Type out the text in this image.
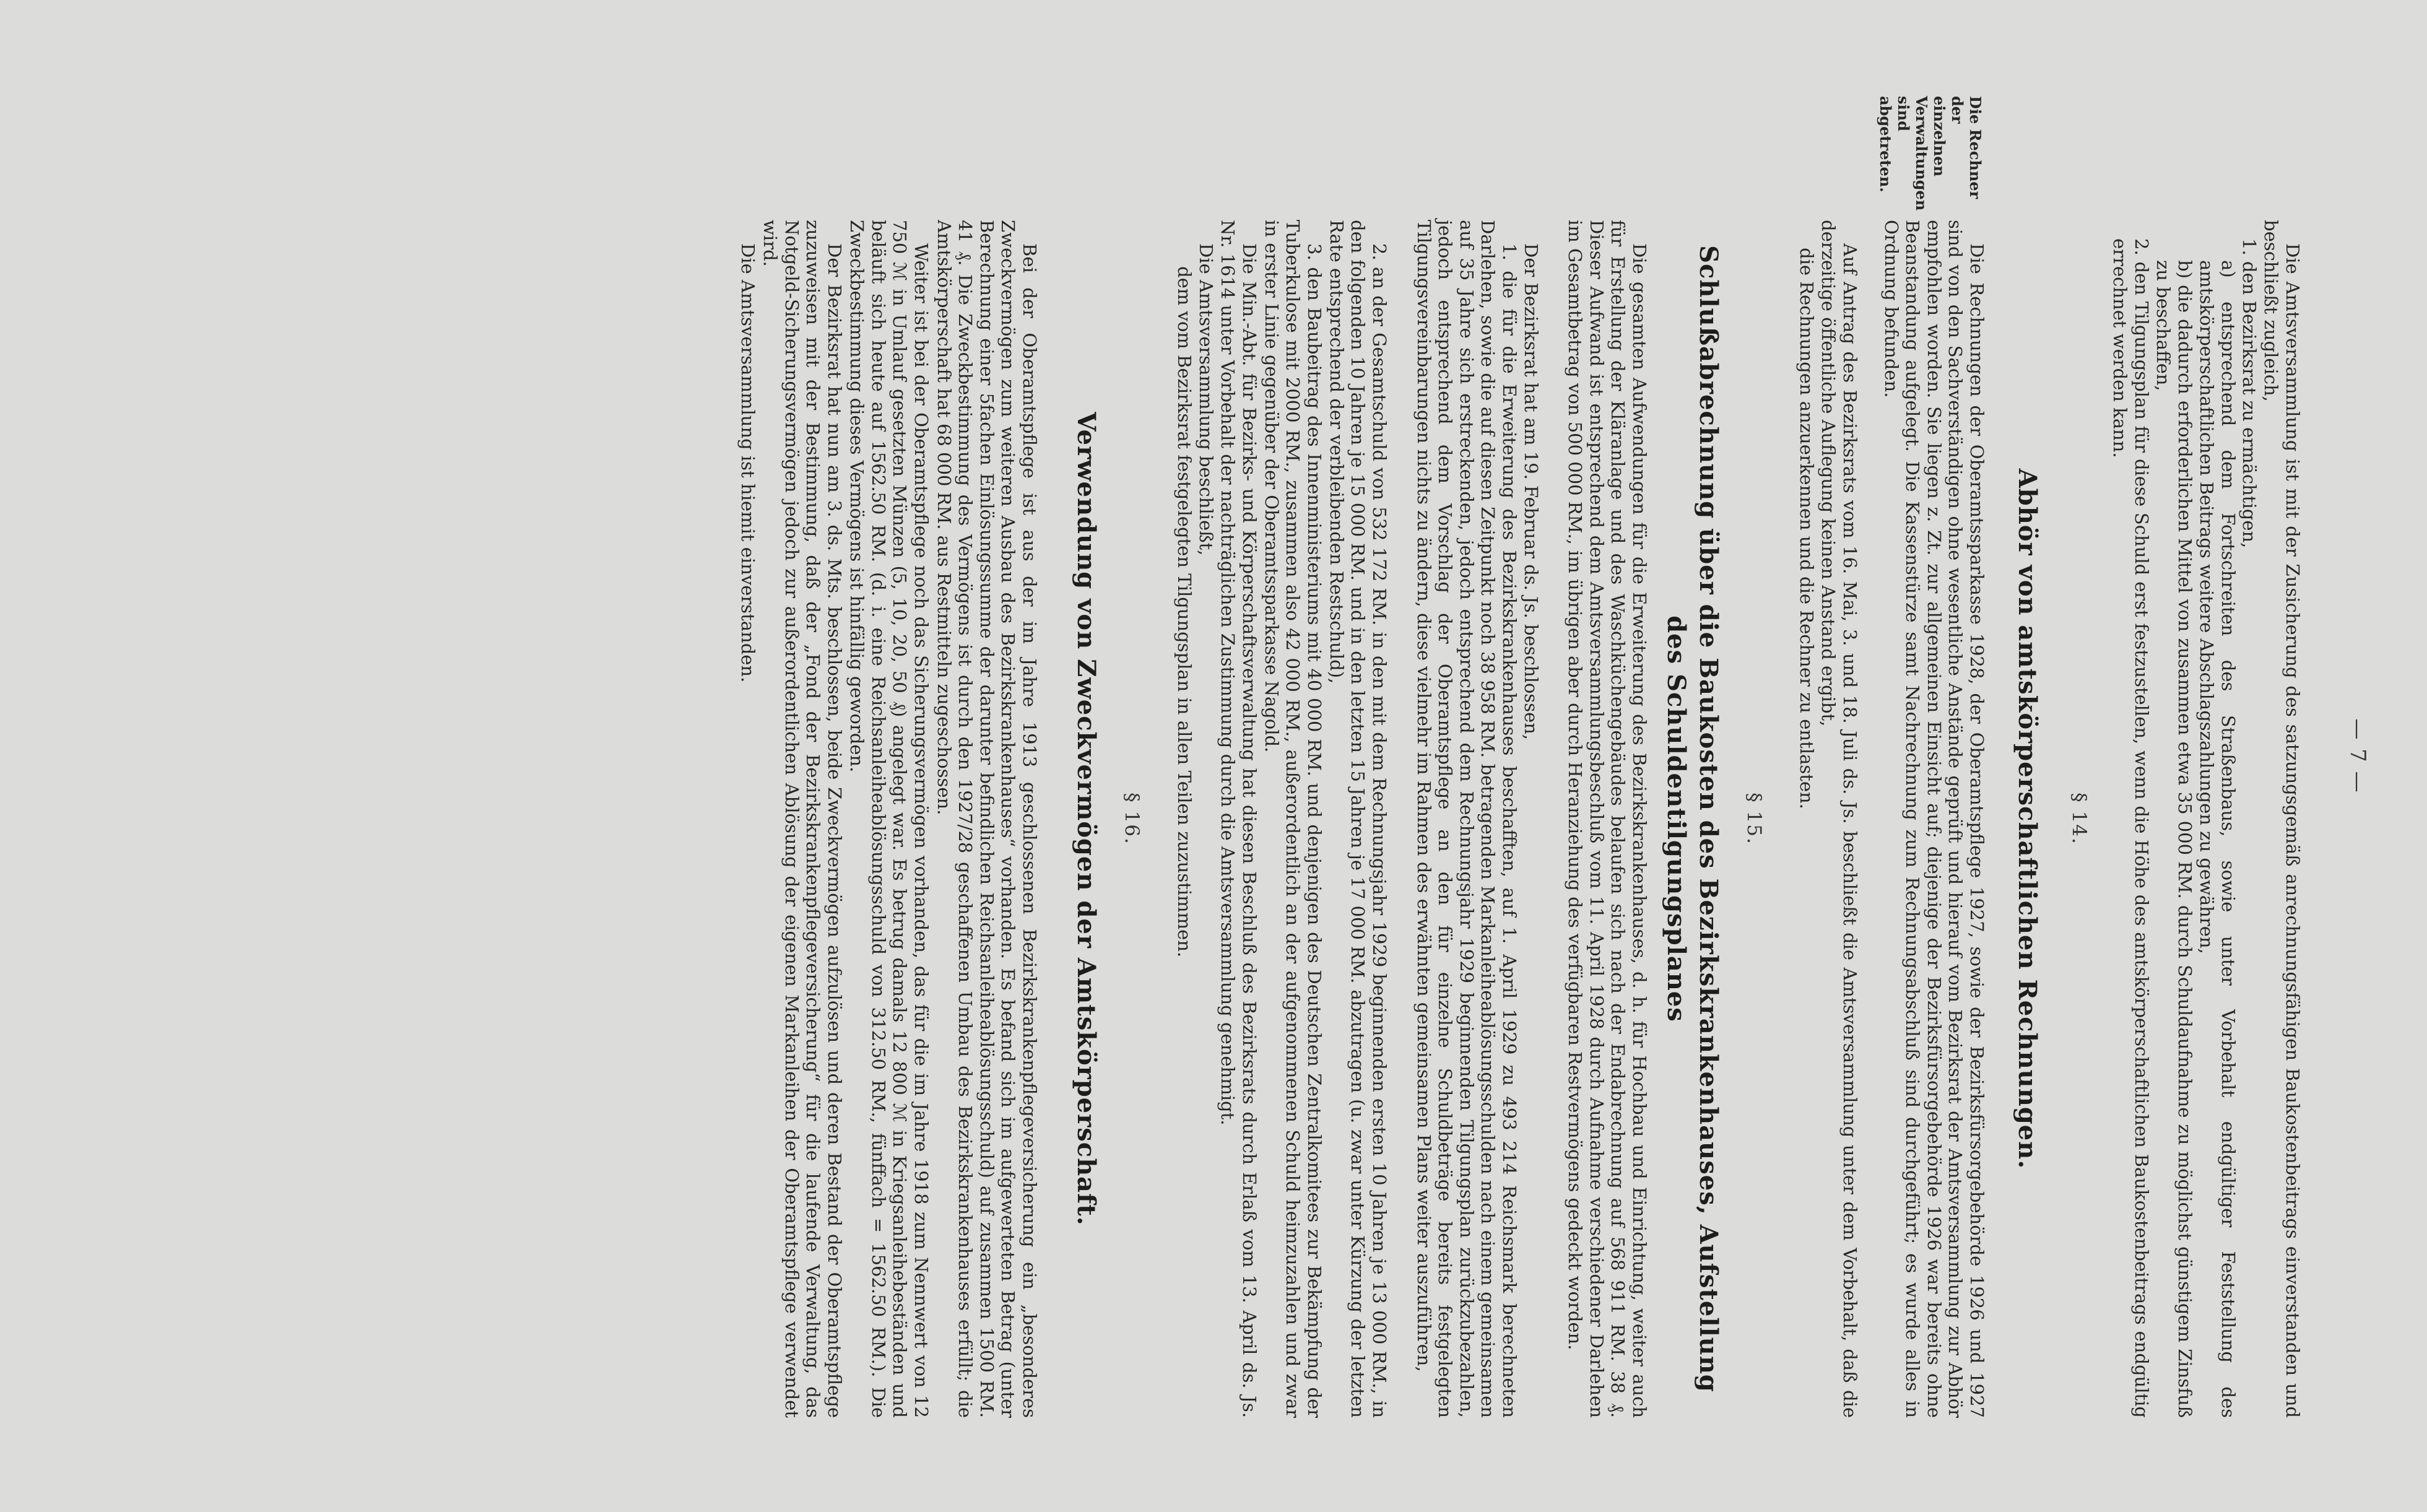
— 7 —

Die Amtsversammlung ist mit der Zusicherung des satzungsgemäß anrechnungsfähigen Baukostenbeitrags einverstanden und beschließt zugleich,

1. den Bezirksrat zu ermächtigen,

a) entsprechend dem Fortschreiten des Straßenbaus, sowie unter Vorbehalt endgültiger Feststellung des amtskörperschaftlichen Beitrags weitere Abschlagszahlungen zu gewähren,

b) die dadurch erforderlichen Mittel von zusammen etwa 35 000 RM. durch Schuldaufnahme zu möglichst günstigem Zinsfuß zu beschaffen,

2. den Tilgungsplan für diese Schuld erst festzustellen, wenn die Höhe des amtskörperschaftlichen Baukostenbeitrags endgültig errechnet werden kann.

§ 14.

Abhör von amtskörperschaftlichen Rechnungen.

Die Rechnungen der Oberamtssparkasse 1928, der Oberamtspflege 1927, sowie der Bezirksfürsorgebehörde 1926 und 1927 sind von den Sachverständigen ohne wesentliche Anstände geprüft und hierauf vom Bezirksrat der Amtsversammlung zur Abhör empfohlen worden. Sie liegen z. Zt. zur allgemeinen Einsicht auf; diejenige der Bezirksfürsorgebehörde 1926 war bereits ohne Beanstandung aufgelegt. Die Kassenstürze samt Nachrechnung zum Rechnungsabschluß sind durchgeführt; es wurde alles in Ordnung befunden.

Auf Antrag des Bezirksrats vom 16. Mai, 3. und 18. Juli ds. Js. beschließt die Amtsversammlung unter dem Vorbehalt, daß die derzeitige öffentliche Auflegung keinen Anstand ergibt,

die Rechnungen anzuerkennen und die Rechner zu entlasten.

Die Rechner der einzelnen Verwaltungen sind abgetreten.

§ 15.

Schlußabrechnung über die Baukosten des Bezirkskrankenhauses, Aufstellung des Schuldentilgungsplanes

Die gesamten Aufwendungen für die Erweiterung des Bezirkskrankenhauses, d. h. für Hochbau und Einrichtung, weiter auch für Erstellung der Kläranlage und des Waschküchengebäudes belaufen sich nach der Endabrechnung auf 568 911 RM. 38 ₰. Dieser Aufwand ist entsprechend dem Amtsversammlungsbeschluß vom 11. April 1928 durch Aufnahme verschiedener Darlehen im Gesamtbetrag von 500 000 RM., im übrigen aber durch Heranziehung des verfügbaren Restvermögens gedeckt worden.

Der Bezirksrat hat am 19. Februar ds. Js. beschlossen,

1. die für die Erweiterung des Bezirkskrankenhauses beschafften, auf 1. April 1929 zu 493 214 Reichsmark berechneten Darlehen, sowie die auf diesen Zeitpunkt noch 38 958 RM. betragenden Markanleiheablösungsschulden nach einem gemeinsamen auf 35 Jahre sich erstreckenden, jedoch entsprechend dem Rechnungsjahr 1929 beginnenden Tilgungsplan zurückzubezahlen, jedoch entsprechend dem Vorschlag der Oberamtspflege an den für einzelne Schuldbeträge bereits festgelegten Tilgungsvereinbarungen nichts zu ändern, diese vielmehr im Rahmen des erwähnten gemeinsamen Plans weiter auszuführen,

2. an der Gesamtschuld von 532 172 RM. in den mit dem Rechnungsjahr 1929 beginnenden ersten 10 Jahren je 13 000 RM., in den folgenden 10 Jahren je 15 000 RM. und in den letzten 15 Jahren je 17 000 RM. abzutragen (u. zwar unter Kürzung der letzten Rate entsprechend der verbleibenden Restschuld),

3. den Baubeitrag des Innenministeriums mit 40 000 RM. und denjenigen des Deutschen Zentralkomitees zur Bekämpfung der Tuberkulose mit 2000 RM., zusammen also 42 000 RM., außerordentlich an der aufgenommenen Schuld heimzuzahlen und zwar in erster Linie gegenüber der Oberamtssparkasse Nagold.

Die Min.-Abt. für Bezirks- und Körperschaftsverwaltung hat diesen Beschluß des Bezirksrats durch Erlaß vom 13. April ds. Js. Nr. 1614 unter Vorbehalt der nachträglichen Zustimmung durch die Amtsversammlung genehmigt.

Die Amtsversammlung beschließt,

dem vom Bezirksrat festgelegten Tilgungsplan in allen Teilen zuzustimmen.

§ 16.

Verwendung von Zweckvermögen der Amtskörperschaft.

Bei der Oberamtspflege ist aus der im Jahre 1913 geschlossenen Bezirkskrankenpflegeversicherung ein „besonderes Zweckvermögen zum weiteren Ausbau des Bezirkskrankenhauses“ vorhanden. Es befand sich im aufgewerteten Betrag (unter Berechnung einer 5fachen Einlösungssumme der darunter befindlichen Reichsanleiheablösungsschuld) auf zusammen 1500 RM. 41 ₰. Die Zweckbestimmung des Vermögens ist durch den 1927/28 geschaffenen Umbau des Bezirkskrankenhauses erfüllt; die Amtskörperschaft hat 68 000 RM. aus Restmitteln zugeschossen.

Weiter ist bei der Oberamtspflege noch das Sicherungsvermögen vorhanden, das für die im Jahre 1918 zum Nennwert von 12 750 ℳ in Umlauf gesetzten Münzen (5, 10, 20, 50 ₰) angelegt war. Es betrug damals 12 800 ℳ in Kriegsanleihebeständen und beläuft sich heute auf 1562.50 RM. (d. i. eine Reichsanleiheablösungsschuld von 312.50 RM., fünffach = 1562.50 RM.). Die Zweckbestimmung dieses Vermögens ist hinfällig geworden.

Der Bezirksrat hat nun am 3. ds. Mts. beschlossen, beide Zweckvermögen aufzulösen und deren Bestand der Oberamtspflege zuzuweisen mit der Bestimmung, daß der „Fond der Bezirkskrankenpflegeversicherung“ für die laufende Verwaltung, das Notgeld-Sicherungsvermögen jedoch zur außerordentlichen Ablösung der eigenen Markanleihen der Oberamtspflege verwendet wird.

Die Amtsversammlung ist hiemit einverstanden.
